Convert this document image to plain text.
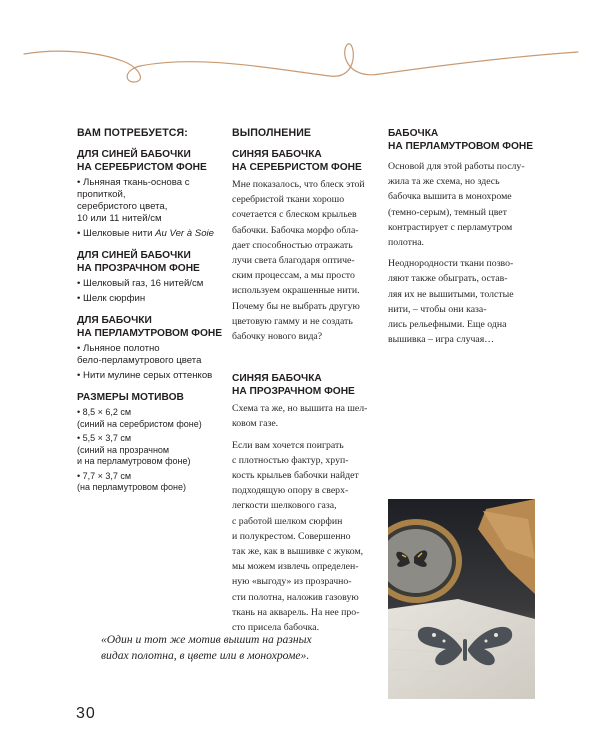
ВАМ ПОТРЕБУЕТСЯ:
ДЛЯ СИНЕЙ БАБОЧКИ
НА СЕРЕБРИСТОМ ФОНЕ
• Льняная ткань-основа с пропиткой,
серебристого цвета,
10 или 11 нитей/см
• Шелковые нити Au Ver à Soie
ДЛЯ СИНЕЙ БАБОЧКИ
НА ПРОЗРАЧНОМ ФОНЕ
• Шелковый газ, 16 нитей/см
• Шелк сюрфин
ДЛЯ БАБОЧКИ
НА ПЕРЛАМУТРОВОМ ФОНЕ
• Льняное полотно
бело-перламутрового цвета
• Нити мулине серых оттенков
РАЗМЕРЫ МОТИВОВ
• 8,5 × 6,2 см
(синий на серебристом фоне)
• 5,5 × 3,7 см
(синий на прозрачном
и на перламутровом фоне)
• 7,7 × 3,7 см
(на перламутровом фоне)
ВЫПОЛНЕНИЕ
СИНЯЯ БАБОЧКА
НА СЕРЕБРИСТОМ ФОНЕ
Мне показалось, что блеск этой
серебристой ткани хорошо
сочетается с блеском крыльев
бабочки. Бабочка морфо обла-
дает способностью отражать
лучи света благодаря оптиче-
ским процессам, а мы просто
используем окрашенные нити.
Почему бы не выбрать другую
цветовую гамму и не создать
бабочку нового вида?
СИНЯЯ БАБОЧКА
НА ПРОЗРАЧНОМ ФОНЕ
Схема та же, но вышита на шел-
ковом газе.
Если вам хочется поиграть
с плотностью фактур, хруп-
кость крыльев бабочки найдет
подходящую опору в сверх-
легкости шелкового газа,
с работой шелком сюрфин
и полукрестом. Совершенно
так же, как в вышивке с жуком,
мы можем извлечь определен-
ную «выгоду» из прозрачно-
сти полотна, наложив газовую
ткань на акварель. На нее про-
сто присела бабочка.
БАБОЧКА
НА ПЕРЛАМУТРОВОМ ФОНЕ
Основой для этой работы послу-
жила та же схема, но здесь
бабочка вышита в монохроме
(темно-серым), темный цвет
контрастирует с перламутром
полотна.
Неоднородности ткани позво-
ляют также обыграть, остав-
ляя их не вышитыми, толстые
нити, – чтобы они каза-
лись рельефными. Еще одна
вышивка – игра случая…
«Один и тот же мотив вышит на разных
видах полотна, в цвете или в монохроме».
30
